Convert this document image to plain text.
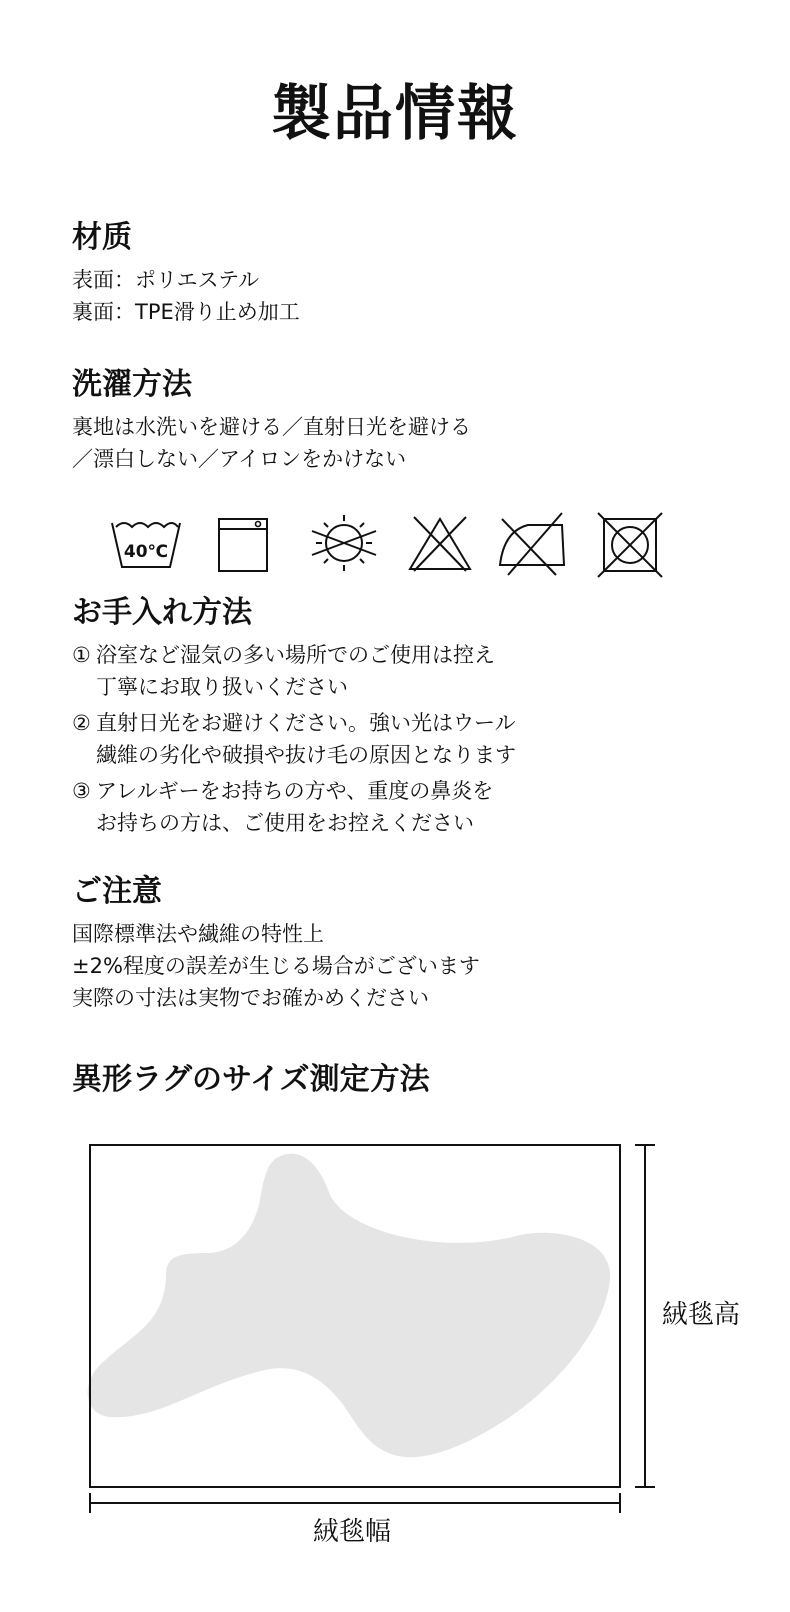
製品情報
材质
表面：ポリエステル
裏面：TPE滑り止め加工
洗濯方法
裏地は水洗いを避ける／直射日光を避ける
／漂白しない／アイロンをかけない
40℃
お手入れ方法
① 浴室など湿気の多い場所でのご使用は控え
丁寧にお取り扱いください
② 直射日光をお避けください。強い光はウール
繊維の劣化や破損や抜け毛の原因となります
③ アレルギーをお持ちの方や、重度の鼻炎を
お持ちの方は、ご使用をお控えください
ご注意
国際標準法や繊維の特性上
±2%程度の誤差が生じる場合がございます
実際の寸法は実物でお確かめください
異形ラグのサイズ測定方法
絨毯高
絨毯幅
